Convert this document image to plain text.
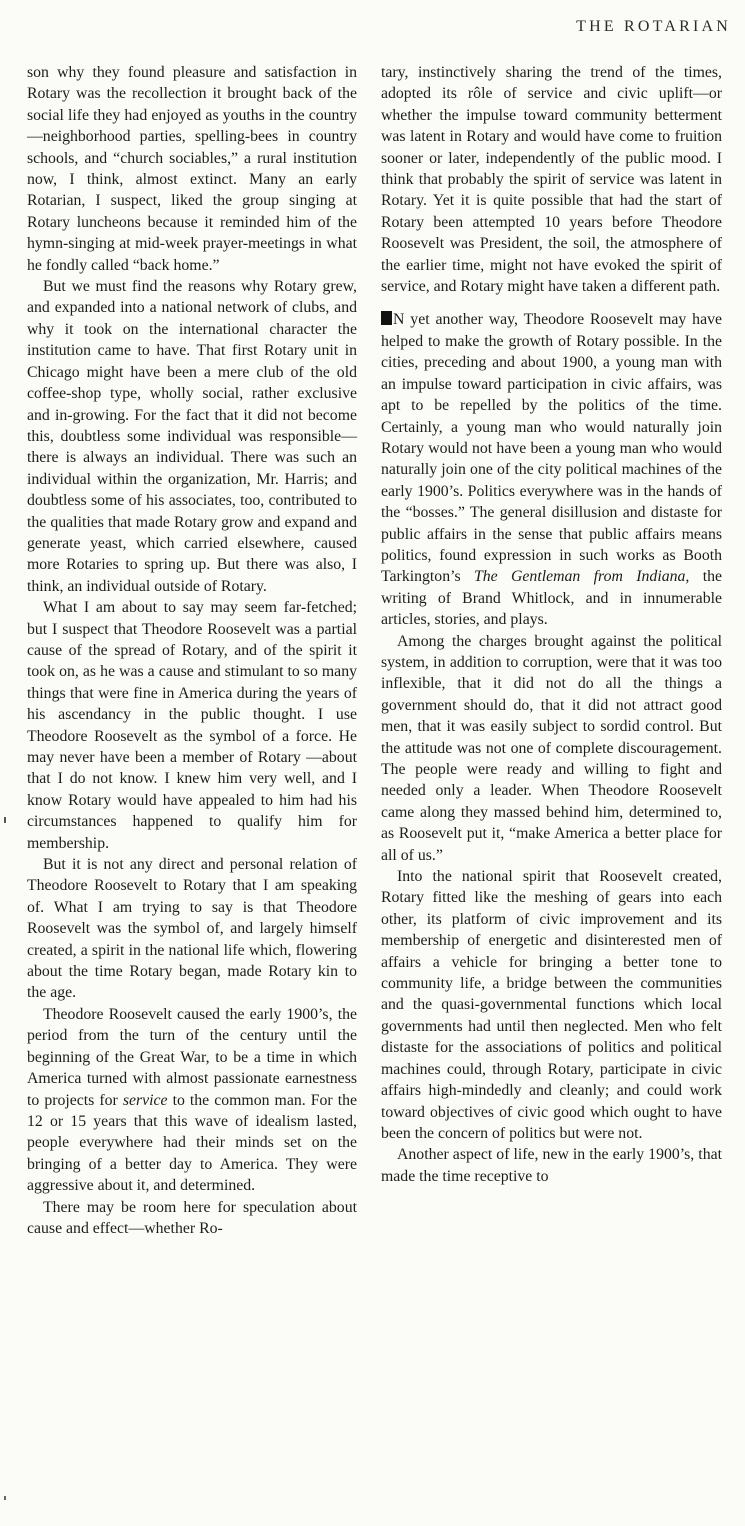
THE ROTARIAN

son why they found pleasure and satisfaction in Rotary was the recollection it brought back of the social life they had enjoyed as youths in the country—neighborhood parties, spelling-bees in country schools, and “church sociables,” a rural institution now, I think, almost extinct. Many an early Rotarian, I suspect, liked the group singing at Rotary luncheons because it reminded him of the hymn-singing at mid-week prayer-meetings in what he fondly called “back home.”

But we must find the reasons why Rotary grew, and expanded into a national network of clubs, and why it took on the international character the institution came to have. That first Rotary unit in Chicago might have been a mere club of the old coffee-shop type, wholly social, rather exclusive and in-growing. For the fact that it did not become this, doubtless some individual was responsible—there is always an individual. There was such an individual within the organization, Mr. Harris; and doubtless some of his associates, too, contributed to the qualities that made Rotary grow and expand and generate yeast, which carried elsewhere, caused more Rotaries to spring up. But there was also, I think, an individual outside of Rotary.

What I am about to say may seem far-fetched; but I suspect that Theodore Roosevelt was a partial cause of the spread of Rotary, and of the spirit it took on, as he was a cause and stimulant to so many things that were fine in America during the years of his ascendancy in the public thought. I use Theodore Roosevelt as the symbol of a force. He may never have been a member of Rotary —about that I do not know. I knew him very well, and I know Rotary would have appealed to him had his circumstances happened to qualify him for membership.

But it is not any direct and personal relation of Theodore Roosevelt to Rotary that I am speaking of. What I am trying to say is that Theodore Roosevelt was the symbol of, and largely himself created, a spirit in the national life which, flowering about the time Rotary began, made Rotary kin to the age.

Theodore Roosevelt caused the early 1900’s, the period from the turn of the century until the beginning of the Great War, to be a time in which America turned with almost passionate earnestness to projects for service to the common man. For the 12 or 15 years that this wave of idealism lasted, people everywhere had their minds set on the bringing of a better day to America. They were aggressive about it, and determined.

There may be room here for speculation about cause and effect—whether Ro-

tary, instinctively sharing the trend of the times, adopted its rôle of service and civic uplift—or whether the impulse toward community betterment was latent in Rotary and would have come to fruition sooner or later, independently of the public mood. I think that probably the spirit of service was latent in Rotary. Yet it is quite possible that had the start of Rotary been attempted 10 years before Theodore Roosevelt was President, the soil, the atmosphere of the earlier time, might not have evoked the spirit of service, and Rotary might have taken a different path.

N yet another way, Theodore Roosevelt may have helped to make the growth of Rotary possible. In the cities, preceding and about 1900, a young man with an impulse toward participation in civic affairs, was apt to be repelled by the politics of the time. Certainly, a young man who would naturally join Rotary would not have been a young man who would naturally join one of the city political machines of the early 1900’s. Politics everywhere was in the hands of the “bosses.” The general disillusion and distaste for public affairs in the sense that public affairs means politics, found expression in such works as Booth Tarkington’s The Gentleman from Indiana, the writing of Brand Whitlock, and in innumerable articles, stories, and plays.

Among the charges brought against the political system, in addition to corruption, were that it was too inflexible, that it did not do all the things a government should do, that it did not attract good men, that it was easily subject to sordid control. But the attitude was not one of complete discouragement. The people were ready and willing to fight and needed only a leader. When Theodore Roosevelt came along they massed behind him, determined to, as Roosevelt put it, “make America a better place for all of us.”

Into the national spirit that Roosevelt created, Rotary fitted like the meshing of gears into each other, its platform of civic improvement and its membership of energetic and disinterested men of affairs a vehicle for bringing a better tone to community life, a bridge between the communities and the quasi-governmental functions which local governments had until then neglected. Men who felt distaste for the associations of politics and political machines could, through Rotary, participate in civic affairs high-mindedly and cleanly; and could work toward objectives of civic good which ought to have been the concern of politics but were not.

Another aspect of life, new in the early 1900’s, that made the time receptive to
